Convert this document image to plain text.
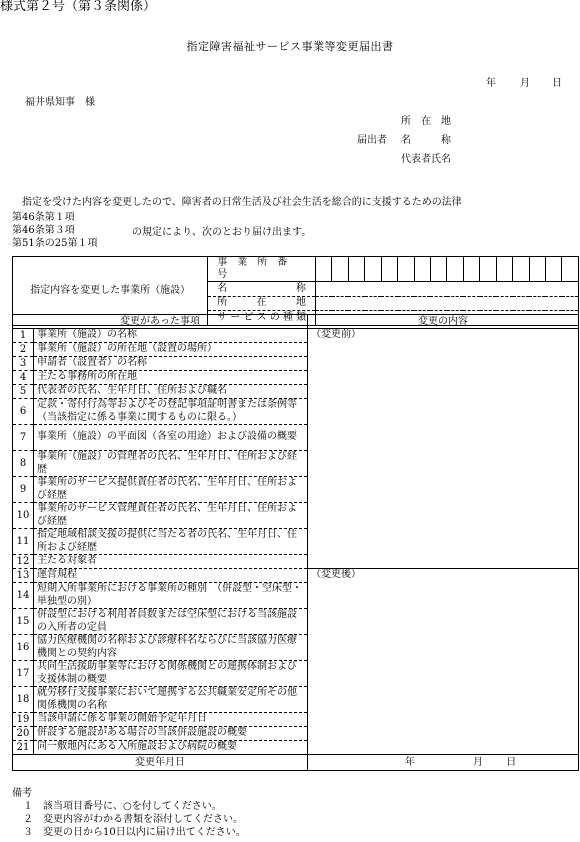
様式第２号（第３条関係）
指定障害福祉サービス事業等変更届出書
年 月 日
福井県知事　様
所　在　地
届出者 名　　　称
代表者氏名
指定を受けた内容を変更したので、障害者の日常生活及び社会生活を総合的に支援するための法律
第46条第１項
第46条第３項
第51条の25第１項
の規定により、次のとおり届け出ます。
指定内容を変更した事業所（施設）	事　業　所　番　号																

	名 称																

	所 在 地																

	サ ー ビ ス の 種 類																
変更があった事項		変更の内容
1	事業所（施設）の名称	（変更前）
2	事業所（施設）の所在地（設置の場所）	
3	申請者（設置者）の名称	
4	主たる事務所の所在地	
5	代表者の氏名、生年月日、住所および職名	
6	定款・寄付行為等およびその登記事項証明書または条例等（当該指定に係る事業に関するものに限る。）	
7	事業所（施設）の平面図（各室の用途）および設備の概要	
8	事業所（施設）の管理者の氏名、生年月日、住所および経歴	
9	事業所のサービス提供責任者の氏名、生年月日、住所および経歴	
10	事業所のサービス管理責任者の氏名、生年月日、住所および経歴	
11	指定地域相談支援の提供に当たる者の氏名、生年月日、住所および経歴	
12	主たる対象者	
13	運営規程	（変更後）
14	短期入所事業所における事業所の種別　（併設型・空床型・単独型の別）	
15	併設型における利用者員数または空床型における当該施設の入所者の定員	
16	協力医療機関の名称および診療科名ならびに当該協力医療機関との契約内容	
17	共同生活援助事業等における関係機関との連携体制および支援体制の概要	
18	就労移行支援事業において連携する公共職業安定所その他関係機関の名称	
19	当該申請に係る事業の開始予定年月日	
20	併設する施設がある場合の当該併設施設の概要	
21	同一敷地内にある入所施設および病院の概要	
変更年月日		年 月 日
備考
１　該当項目番号に、○を付してください。
２　変更内容がわかる書類を添付してください。
３　変更の日から10日以内に届け出てください。
